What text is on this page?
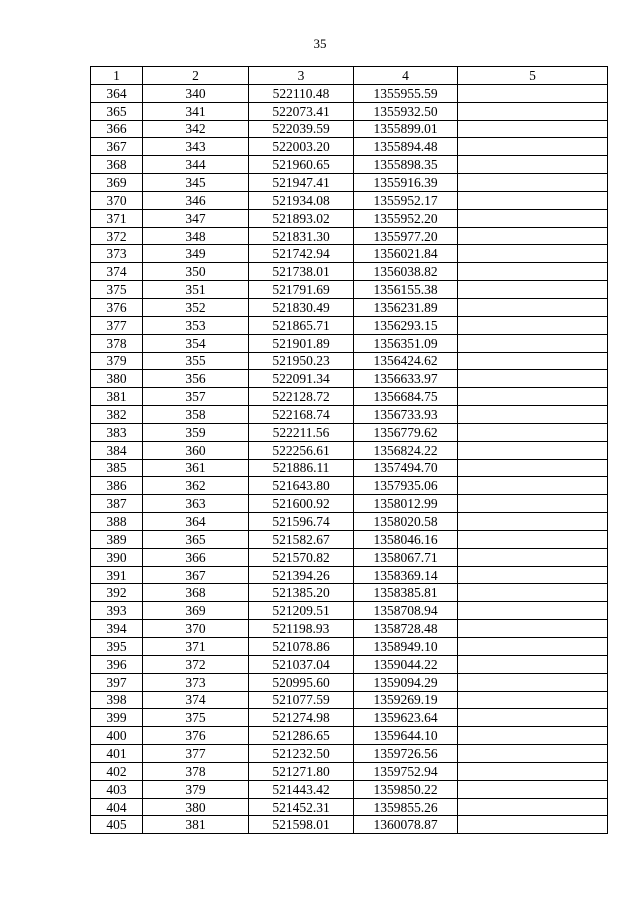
35
1	2	3	4	5
364	340	522110.48	1355955.59	
365	341	522073.41	1355932.50	
366	342	522039.59	1355899.01	
367	343	522003.20	1355894.48	
368	344	521960.65	1355898.35	
369	345	521947.41	1355916.39	
370	346	521934.08	1355952.17	
371	347	521893.02	1355952.20	
372	348	521831.30	1355977.20	
373	349	521742.94	1356021.84	
374	350	521738.01	1356038.82	
375	351	521791.69	1356155.38	
376	352	521830.49	1356231.89	
377	353	521865.71	1356293.15	
378	354	521901.89	1356351.09	
379	355	521950.23	1356424.62	
380	356	522091.34	1356633.97	
381	357	522128.72	1356684.75	
382	358	522168.74	1356733.93	
383	359	522211.56	1356779.62	
384	360	522256.61	1356824.22	
385	361	521886.11	1357494.70	
386	362	521643.80	1357935.06	
387	363	521600.92	1358012.99	
388	364	521596.74	1358020.58	
389	365	521582.67	1358046.16	
390	366	521570.82	1358067.71	
391	367	521394.26	1358369.14	
392	368	521385.20	1358385.81	
393	369	521209.51	1358708.94	
394	370	521198.93	1358728.48	
395	371	521078.86	1358949.10	
396	372	521037.04	1359044.22	
397	373	520995.60	1359094.29	
398	374	521077.59	1359269.19	
399	375	521274.98	1359623.64	
400	376	521286.65	1359644.10	
401	377	521232.50	1359726.56	
402	378	521271.80	1359752.94	
403	379	521443.42	1359850.22	
404	380	521452.31	1359855.26	
405	381	521598.01	1360078.87	
